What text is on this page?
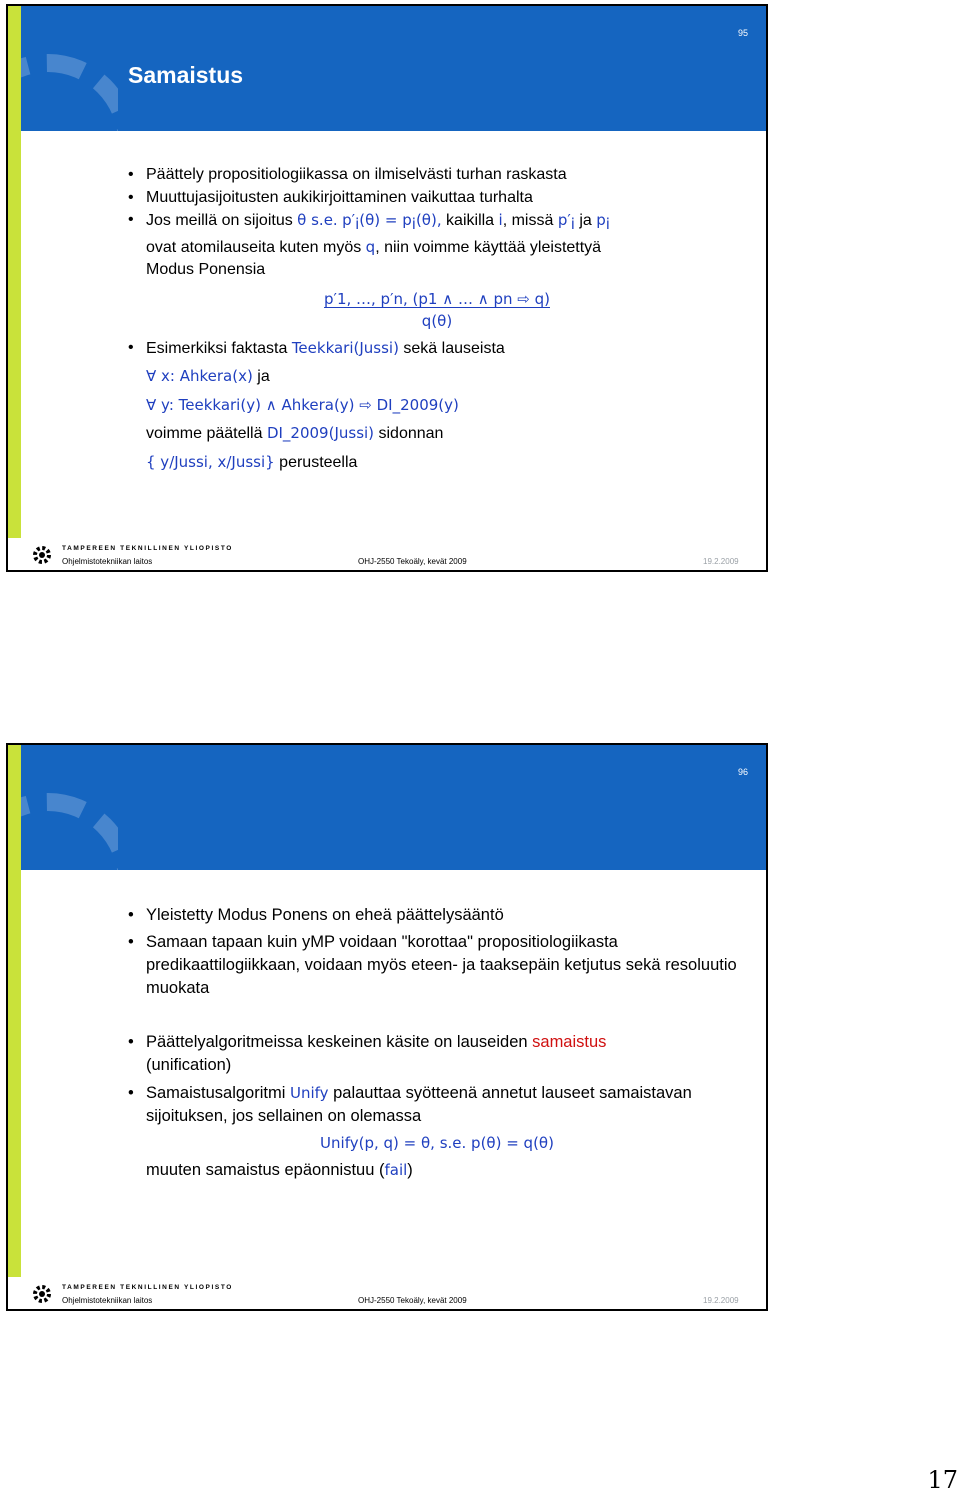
95
Samaistus

• Päättely propositiologiikassa on ilmiselvästi turhan raskasta

• Muuttujasijoitusten aukikirjoittaminen vaikuttaa turhalta

• Jos meillä on sijoitus θ s.e. $p'_i(\theta) = p_i(\theta)$, kaikilla i, missä $p'_i$ ja $p_i$
ovat atomilauseita kuten myös q, niin voimme käyttää yleistettyä
Modus Ponensia

p′1, …, p′n, (p1 ∧ … ∧ pn ⇨ q)

q(θ)

• Esimerkiksi faktasta Teekkari(Jussi) sekä lauseista

∀ x: Ahkera(x) ja

∀ y: Teekkari(y) ∧ Ahkera(y) ⇨ DI_2009(y)

voimme päätellä DI_2009(Jussi) sidonnan

{ y/Jussi, x/Jussi} perusteella

TAMPEREEN TEKNILLINEN YLIOPISTO
Ohjelmistotekniikan laitos	OHJ-2550 Tekoäly, kevät 2009	19.2.2009
96

• Yleistetty Modus Ponens on eheä päättelysääntö

• Samaan tapaan kuin yMP voidaan "korottaa" propositiologiikasta predikaattilogiikkaan, voidaan myös eteen- ja taaksepäin ketjutus sekä resoluutio muokata

• Päättelyalgoritmeissa keskeinen käsite on lauseiden samaistus
(unification)

• Samaistusalgoritmi Unify palauttaa syötteenä annetut lauseet samaistavan sijoituksen, jos sellainen on olemassa

Unify(p, q) = θ, s.e. p(θ) = q(θ)

muuten samaistus epäonnistuu (fail)

TAMPEREEN TEKNILLINEN YLIOPISTO
Ohjelmistotekniikan laitos	OHJ-2550 Tekoäly, kevät 2009	19.2.2009
17
